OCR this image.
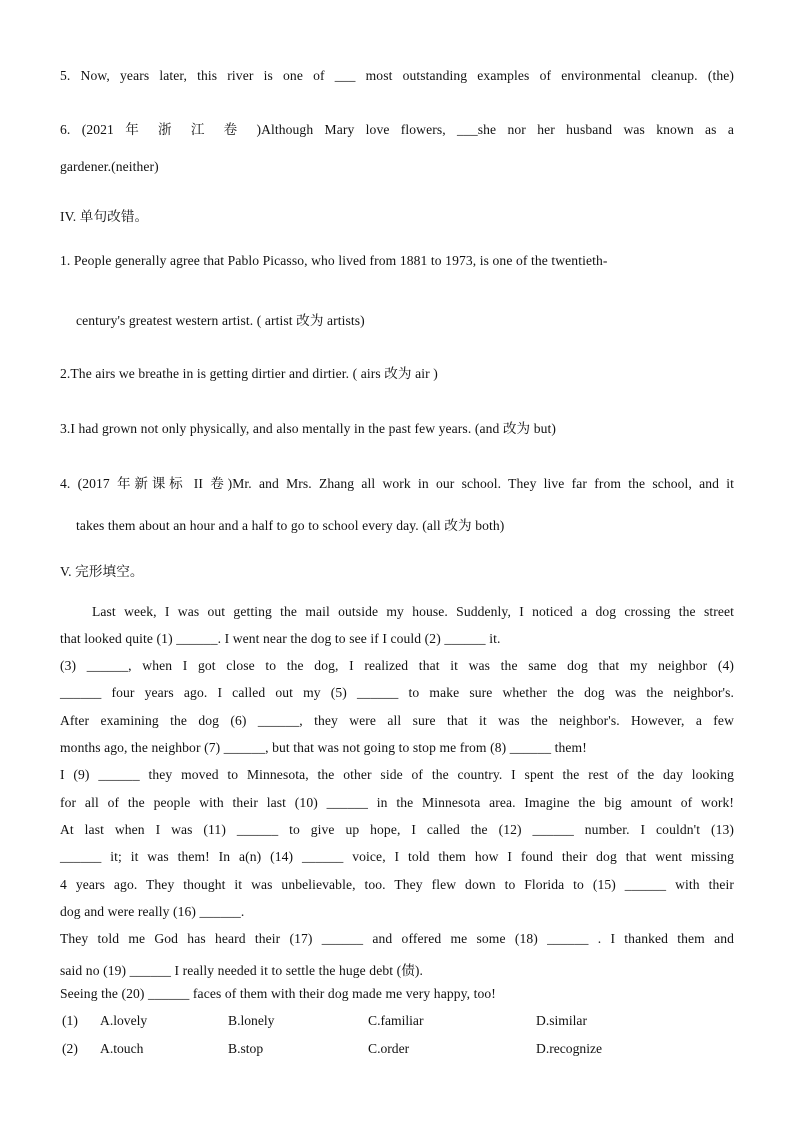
5. Now, years later, this river is one of ___ most outstanding examples of environmental cleanup. (the)
6. (2021 年 浙 江 卷 )Although Mary love flowers, ___she nor her husband was known as a
gardener.(neither)
IV. 单句改错。
1. People generally agree that Pablo Picasso, who lived from 1881 to 1973, is one of the twentieth-
century's greatest western artist. ( artist 改为 artists)
2.The airs we breathe in is getting dirtier and dirtier. ( airs 改为 air )
3.I had grown not only physically, and also mentally in the past few years. (and 改为 but)
4. (2017 年新课标 II 卷)Mr. and Mrs. Zhang all work in our school. They live far from the school, and it
takes them about an hour and a half to go to school every day. (all 改为 both)
V. 完形填空。
Last week, I was out getting the mail outside my house. Suddenly, I noticed a dog crossing the street
that looked quite (1) ______. I went near the dog to see if I could (2) ______ it.
(3) ______, when I got close to the dog, I realized that it was the same dog that my neighbor (4)
______ four years ago. I called out my (5) ______ to make sure whether the dog was the neighbor's.
After examining the dog (6) ______, they were all sure that it was the neighbor's. However, a few
months ago, the neighbor (7) ______, but that was not going to stop me from (8) ______ them!
I (9) ______ they moved to Minnesota, the other side of the country. I spent the rest of the day looking
for all of the people with their last (10) ______ in the Minnesota area. Imagine the big amount of work!
At last when I was (11) ______ to give up hope, I called the (12) ______ number. I couldn't (13)
______ it; it was them! In a(n) (14) ______ voice, I told them how I found their dog that went missing
4 years ago. They thought it was unbelievable, too. They flew down to Florida to (15) ______ with their
dog and were really (16) ______.
They told me God has heard their (17) ______ and offered me some (18) ______ . I thanked them and
said no (19) ______ I really needed it to settle the huge debt (债).
Seeing the (20) ______ faces of them with their dog made me very happy, too!
(1) A.lovely	B.lonely	C.familiar	D.similar
(2) A.touch	B.stop	C.order	D.recognize
